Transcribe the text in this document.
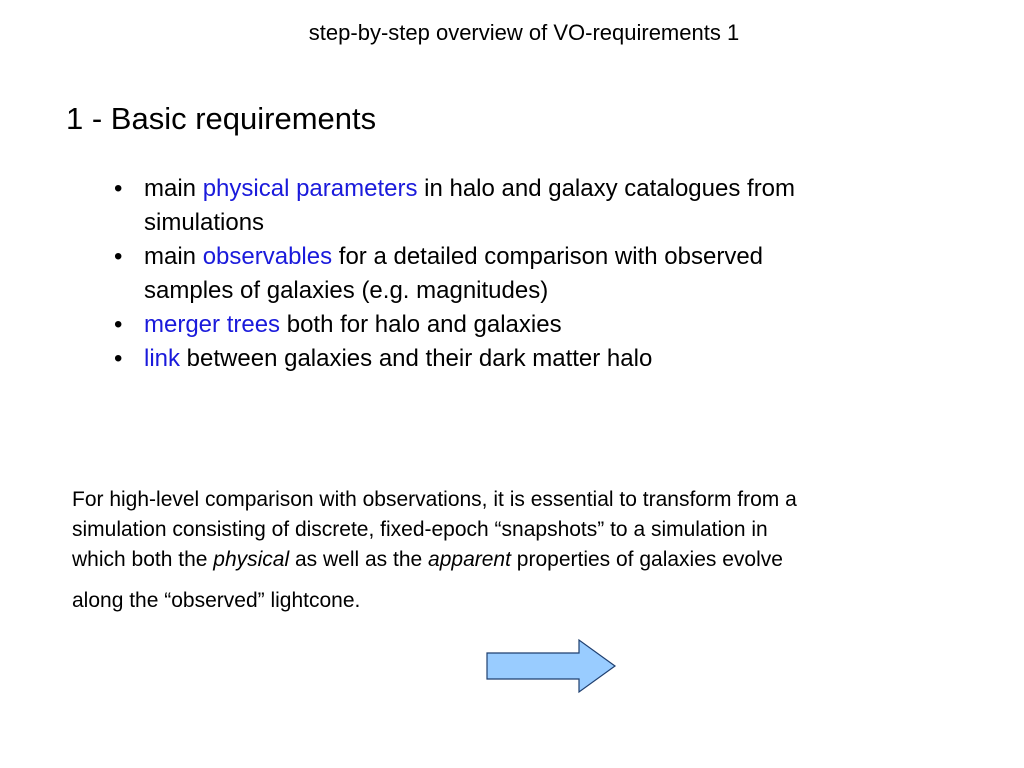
step-by-step overview of VO-requirements 1
1 - Basic requirements
• main physical parameters in halo and galaxy catalogues from
simulations
• main observables for a detailed comparison with observed
samples of galaxies (e.g. magnitudes)
• merger trees both for halo and galaxies
• link between galaxies and their dark matter halo
For high-level comparison with observations, it is essential to transform from a
simulation consisting of discrete, fixed-epoch “snapshots” to a simulation in
which both the physical as well as the apparent properties of galaxies evolve
along the “observed” lightcone.
